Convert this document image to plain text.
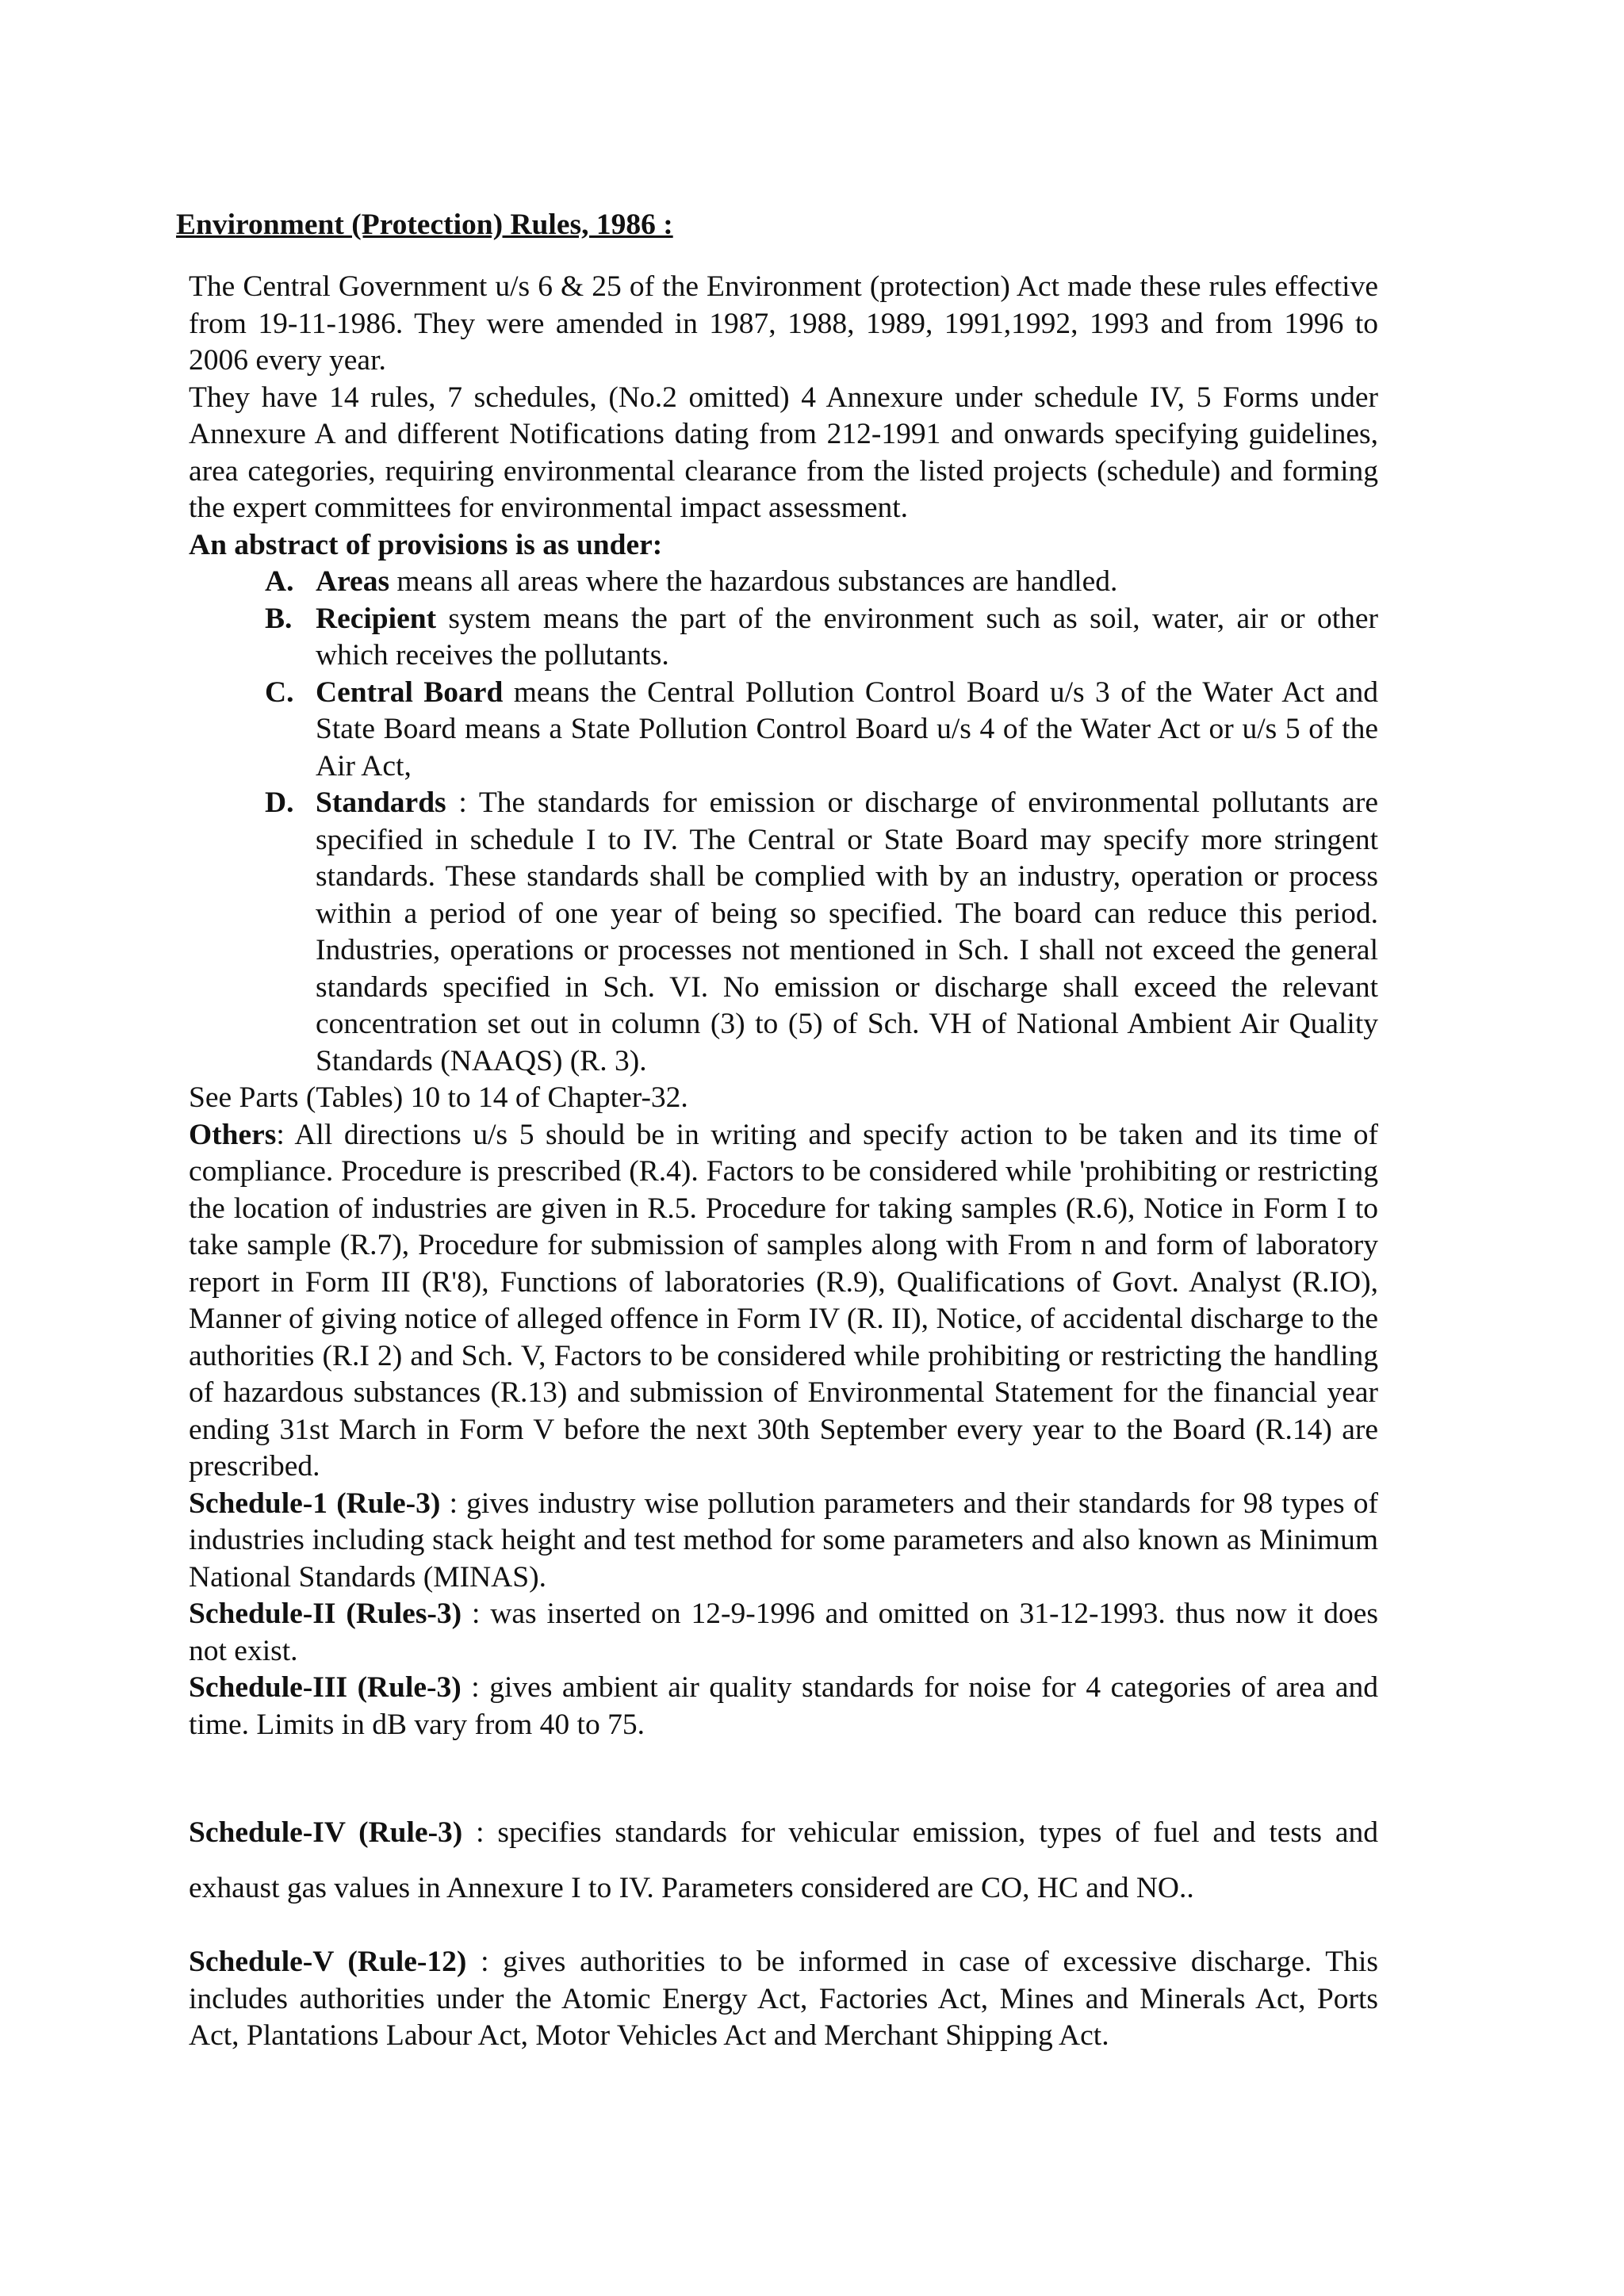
Environment (Protection) Rules, 1986 :

The Central Government u/s 6 & 25 of the Environment (protection) Act made these rules effective from 19-11-1986. They were amended in 1987, 1988, 1989, 1991,1992, 1993 and from 1996 to 2006 every year.

They have 14 rules, 7 schedules, (No.2 omitted) 4 Annexure under schedule IV, 5 Forms under Annexure A and different Notifications dating from 212-1991 and onwards specifying guidelines, area categories, requiring environmental clearance from the listed projects (schedule) and forming the expert committees for environmental impact assessment.

An abstract of provisions is as under:

A. Areas means all areas where the hazardous substances are handled.
B. Recipient system means the part of the environment such as soil, water, air or other which receives the pollutants.
C. Central Board means the Central Pollution Control Board u/s 3 of the Water Act and State Board means a State Pollution Control Board u/s 4 of the Water Act or u/s 5 of the Air Act,
D. Standards : The standards for emission or discharge of environmental pollutants are specified in schedule I to IV. The Central or State Board may specify more stringent standards. These standards shall be complied with by an industry, operation or process within a period of one year of being so specified. The board can reduce this period. Industries, operations or processes not mentioned in Sch. I shall not exceed the general standards specified in Sch. VI. No emission or discharge shall exceed the relevant concentration set out in column (3) to (5) of Sch. VH of National Ambient Air Quality Standards (NAAQS) (R. 3).

See Parts (Tables) 10 to 14 of Chapter-32.

Others: All directions u/s 5 should be in writing and specify action to be taken and its time of compliance. Procedure is prescribed (R.4). Factors to be considered while 'prohibiting or restricting the location of industries are given in R.5. Procedure for taking samples (R.6), Notice in Form I to take sample (R.7), Procedure for submission of samples along with From n and form of laboratory report in Form III (R'8), Functions of laboratories (R.9), Qualifications of Govt. Analyst (R.IO), Manner of giving notice of alleged offence in Form IV (R. II), Notice, of accidental discharge to the authorities (R.I 2) and Sch. V, Factors to be considered while prohibiting or restricting the handling of hazardous substances (R.13) and submission of Environmental Statement for the financial year ending 31st March in Form V before the next 30th September every year to the Board (R.14) are prescribed.

Schedule-1 (Rule-3) : gives industry wise pollution parameters and their standards for 98 types of industries including stack height and test method for some parameters and also known as Minimum National Standards (MINAS).

Schedule-II (Rules-3) : was inserted on 12-9-1996 and omitted on 31-12-1993. thus now it does not exist.

Schedule-III (Rule-3) : gives ambient air quality standards for noise for 4 categories of area and time. Limits in dB vary from 40 to 75.

Schedule-IV (Rule-3) : specifies standards for vehicular emission, types of fuel and tests and exhaust gas values in Annexure I to IV. Parameters considered are CO, HC and NO..

Schedule-V (Rule-12) : gives authorities to be informed in case of excessive discharge. This includes authorities under the Atomic Energy Act, Factories Act, Mines and Minerals Act, Ports Act, Plantations Labour Act, Motor Vehicles Act and Merchant Shipping Act.
